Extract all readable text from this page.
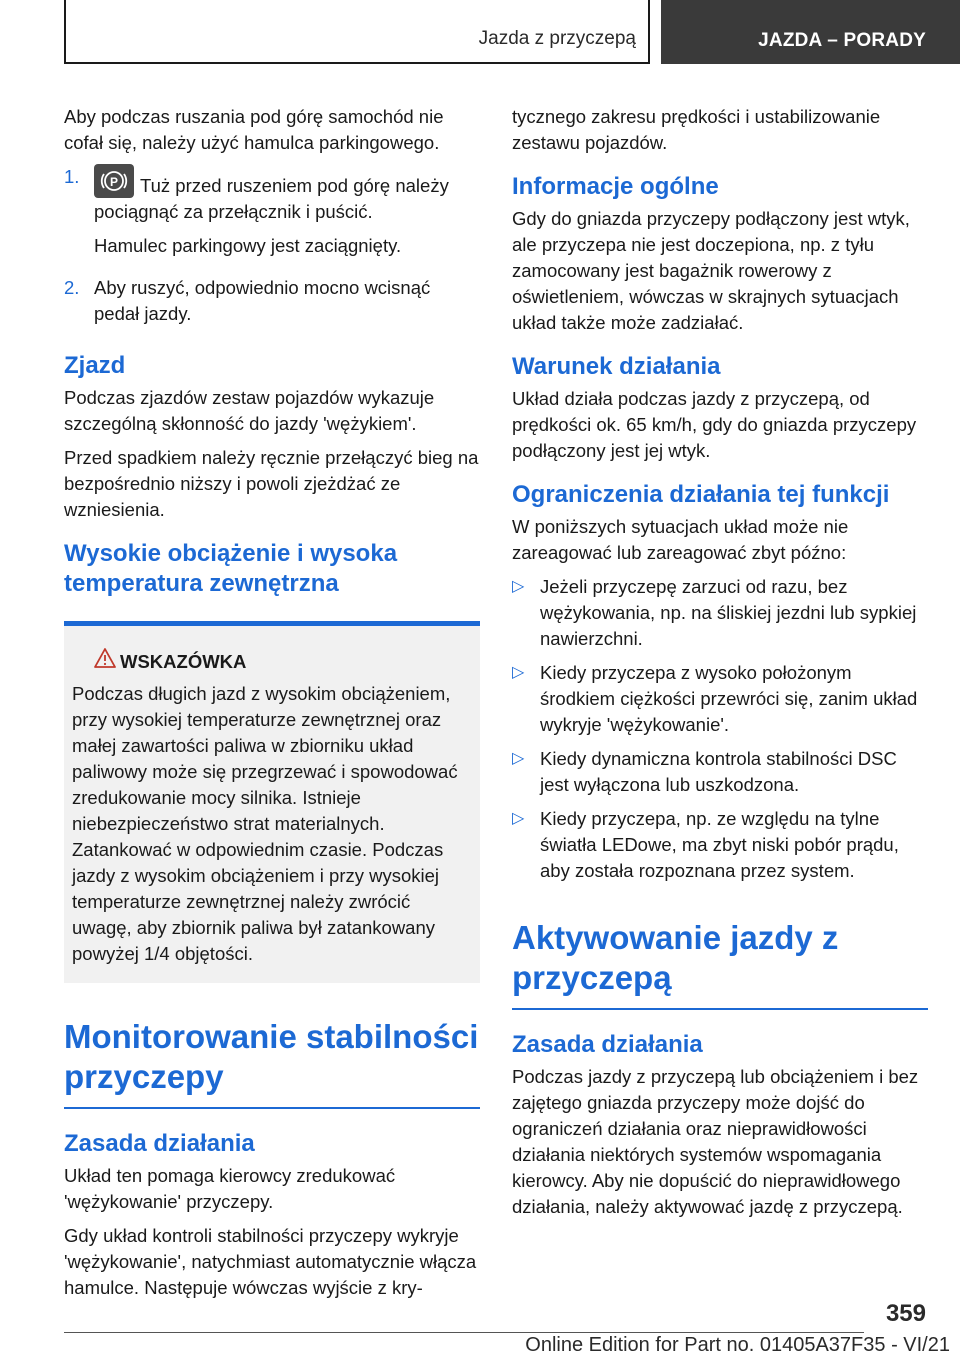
Jazda z przyczepą	JAZDA – PORADY

Aby podczas ruszania pod górę samochód nie cofał się, należy użyć hamulca parkingowego.

1.	P Tuż przed ruszeniem pod górę należy pociągnąć za przełącznik i puścić.

Hamulec parkingowy jest zaciągnięty.

2. Aby ruszyć, odpowiednio mocno wcisnąć pedał jazdy.

Zjazd

Podczas zjazdów zestaw pojazdów wykazuje szczególną skłonność do jazdy 'wężykiem'.

Przed spadkiem należy ręcznie przełączyć bieg na bezpośrednio niższy i powoli zjeżdżać ze wzniesienia.

Wysokie obciążenie i wysoka temperatura zewnętrzna
WSKAZÓWKA

Podczas długich jazd z wysokim obciążeniem, przy wysokiej temperaturze zewnętrznej oraz małej zawartości paliwa w zbiorniku układ paliwowy może się przegrzewać i spowodować zredukowanie mocy silnika. Istnieje niebezpieczeństwo strat materialnych. Zatankować w odpowiednim czasie. Podczas jazdy z wysokim obciążeniem i przy wysokiej temperaturze zewnętrznej należy zwrócić uwagę, aby zbiornik paliwa był zatankowany powyżej 1/4 objętości.

Monitorowanie stabilności przyczepy
Zasada działania

Układ ten pomaga kierowcy zredukować 'wężykowanie' przyczepy.

Gdy układ kontroli stabilności przyczepy wykryje 'wężykowanie', natychmiast automatycznie włącza hamulce. Następuje wówczas wyjście z kry-

tycznego zakresu prędkości i ustabilizowanie zestawu pojazdów.

Informacje ogólne

Gdy do gniazda przyczepy podłączony jest wtyk, ale przyczepa nie jest doczepiona, np. z tyłu zamocowany jest bagażnik rowerowy z oświetleniem, wówczas w skrajnych sytuacjach układ także może zadziałać.

Warunek działania

Układ działa podczas jazdy z przyczepą, od prędkości ok. 65 km/h, gdy do gniazda przyczepy podłączony jest jej wtyk.

Ograniczenia działania tej funkcji

W poniższych sytuacjach układ może nie zareagować lub zareagować zbyt późno:

▷ Jeżeli przyczepę zarzuci od razu, bez wężykowania, np. na śliskiej jezdni lub sypkiej nawierzchni.
▷ Kiedy przyczepa z wysoko położonym środkiem ciężkości przewróci się, zanim układ wykryje 'wężykowanie'.
▷ Kiedy dynamiczna kontrola stabilności DSC jest wyłączona lub uszkodzona.
▷ Kiedy przyczepa, np. ze względu na tylne światła LEDowe, ma zbyt niski pobór prądu, aby została rozpoznana przez system.
Aktywowanie jazdy z przyczepą
Zasada działania

Podczas jazdy z przyczepą lub obciążeniem i bez zajętego gniazda przyczepy może dojść do ograniczeń działania oraz nieprawidłowości działania niektórych systemów wspomagania kierowcy. Aby nie dopuścić do nieprawidłowego działania, należy aktywować jazdę z przyczepą.

359
Online Edition for Part no. 01405A37F35 - VI/21
